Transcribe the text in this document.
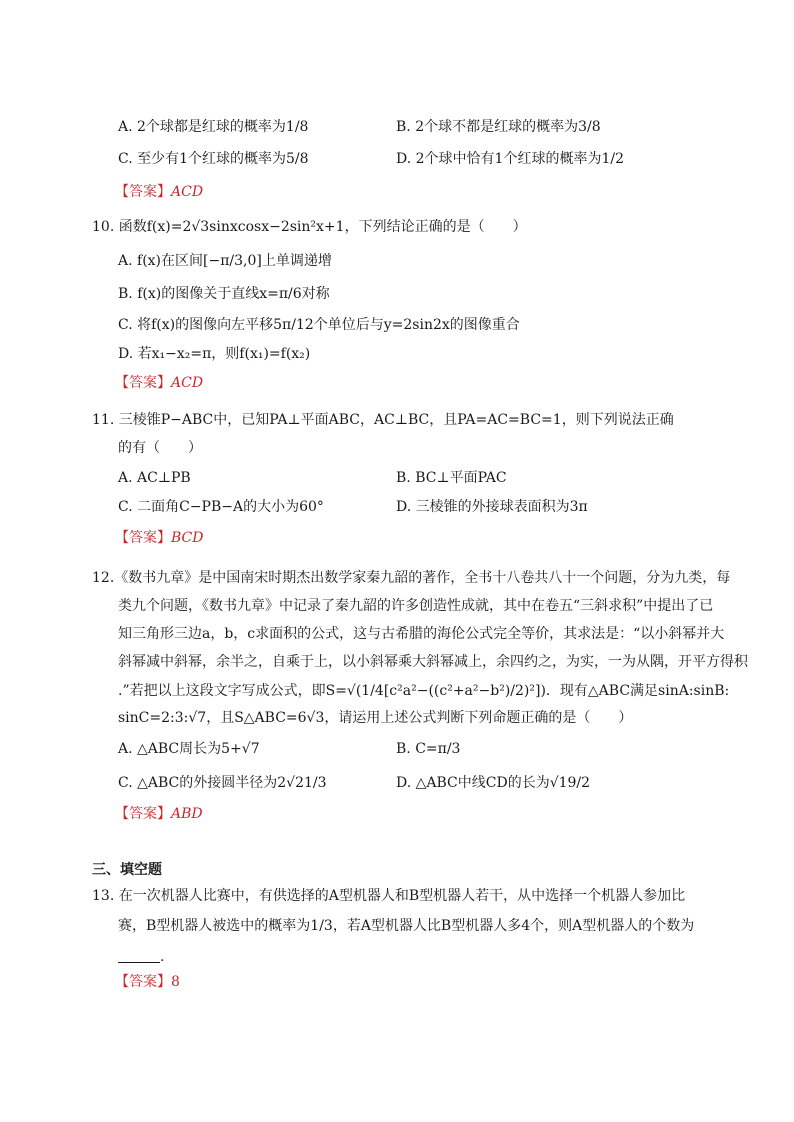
A. 2个球都是红球的概率为1/8	B. 2个球不都是红球的概率为3/8
C. 至少有1个红球的概率为5/8	D. 2个球中恰有1个红球的概率为1/2
【答案】ACD
10. 函数f(x)=2√3sinxcosx−2sin²x+1，下列结论正确的是（　　）
A. f(x)在区间[−π/3,0]上单调递增
B. f(x)的图像关于直线x=π/6对称
C. 将f(x)的图像向左平移5π/12个单位后与y=2sin2x的图像重合
D. 若x₁−x₂=π，则f(x₁)=f(x₂)
【答案】ACD
11. 三棱锥P−ABC中，已知PA⊥平面ABC，AC⊥BC，且PA=AC=BC=1，则下列说法正确
的有（　　）
A. AC⊥PB	B. BC⊥平面PAC
C. 二面角C−PB−A的大小为60°	D. 三棱锥的外接球表面积为3π
【答案】BCD
12.《数书九章》是中国南宋时期杰出数学家秦九韶的著作，全书十八卷共八十一个问题，分为九类，每
类九个问题，《数书九章》中记录了秦九韶的许多创造性成就，其中在卷五“三斜求积”中提出了已
知三角形三边a，b，c求面积的公式，这与古希腊的海伦公式完全等价，其求法是：“以小斜幂并大
斜幂减中斜幂，余半之，自乘于上，以小斜幂乘大斜幂减上，余四约之，为实，一为从隅，开平方得积
.”若把以上这段文字写成公式，即S=√(1/4[c²a²−((c²+a²−b²)/2)²])．现有△ABC满足sinA:sinB:
sinC=2:3:√7，且S△ABC=6√3，请运用上述公式判断下列命题正确的是（　　）
A. △ABC周长为5+√7	B. C=π/3
C. △ABC的外接圆半径为2√21/3	D. △ABC中线CD的长为√19/2
【答案】ABD
三、填空题
13. 在一次机器人比赛中，有供选择的A型机器人和B型机器人若干，从中选择一个机器人参加比
赛，B型机器人被选中的概率为1/3，若A型机器人比B型机器人多4个，则A型机器人的个数为
.
【答案】8
